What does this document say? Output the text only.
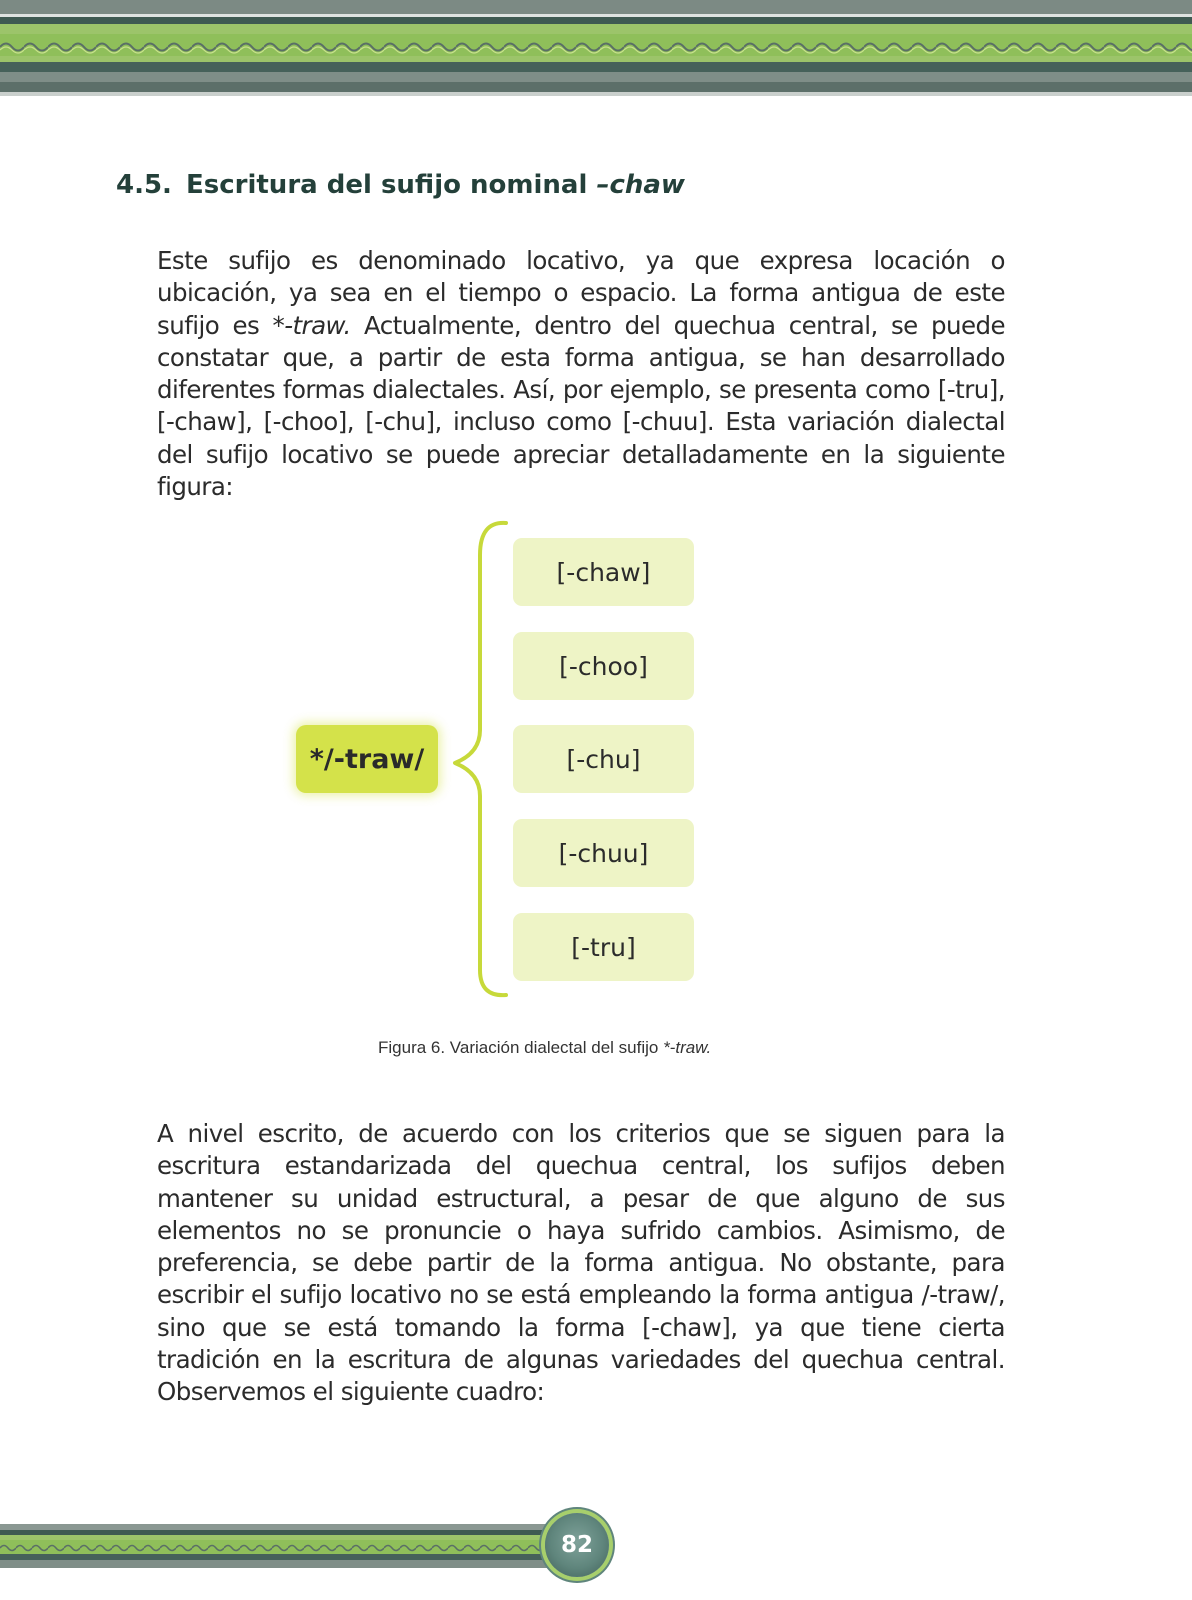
4.5. Escritura del sufijo nominal –chaw

Este sufijo es denominado locativo, ya que expresa locación o ubicación, ya sea en el tiempo o espacio. La forma antigua de este sufijo es *-traw. Actualmente, dentro del quechua central, se puede constatar que, a partir de esta forma antigua, se han desarrollado diferentes formas dialectales. Así, por ejemplo, se presenta como [-tru], [-chaw], [-choo], [-chu], incluso como [-chuu]. Esta variación dialectal del sufijo locativo se puede apreciar detalladamente en la siguiente figura:

*/-traw/
[-chaw]
[-choo]
[-chu]
[-chuu]
[-tru]

Figura 6. Variación dialectal del sufijo *-traw.

A nivel escrito, de acuerdo con los criterios que se siguen para la escritura estandarizada del quechua central, los sufijos deben mantener su unidad estructural, a pesar de que alguno de sus elementos no se pronuncie o haya sufrido cambios. Asimismo, de preferencia, se debe partir de la forma antigua. No obstante, para escribir el sufijo locativo no se está empleando la forma antigua /-traw/, sino que se está tomando la forma [-chaw], ya que tiene cierta tradición en la escritura de algunas variedades del quechua central. Observemos el siguiente cuadro:

82
